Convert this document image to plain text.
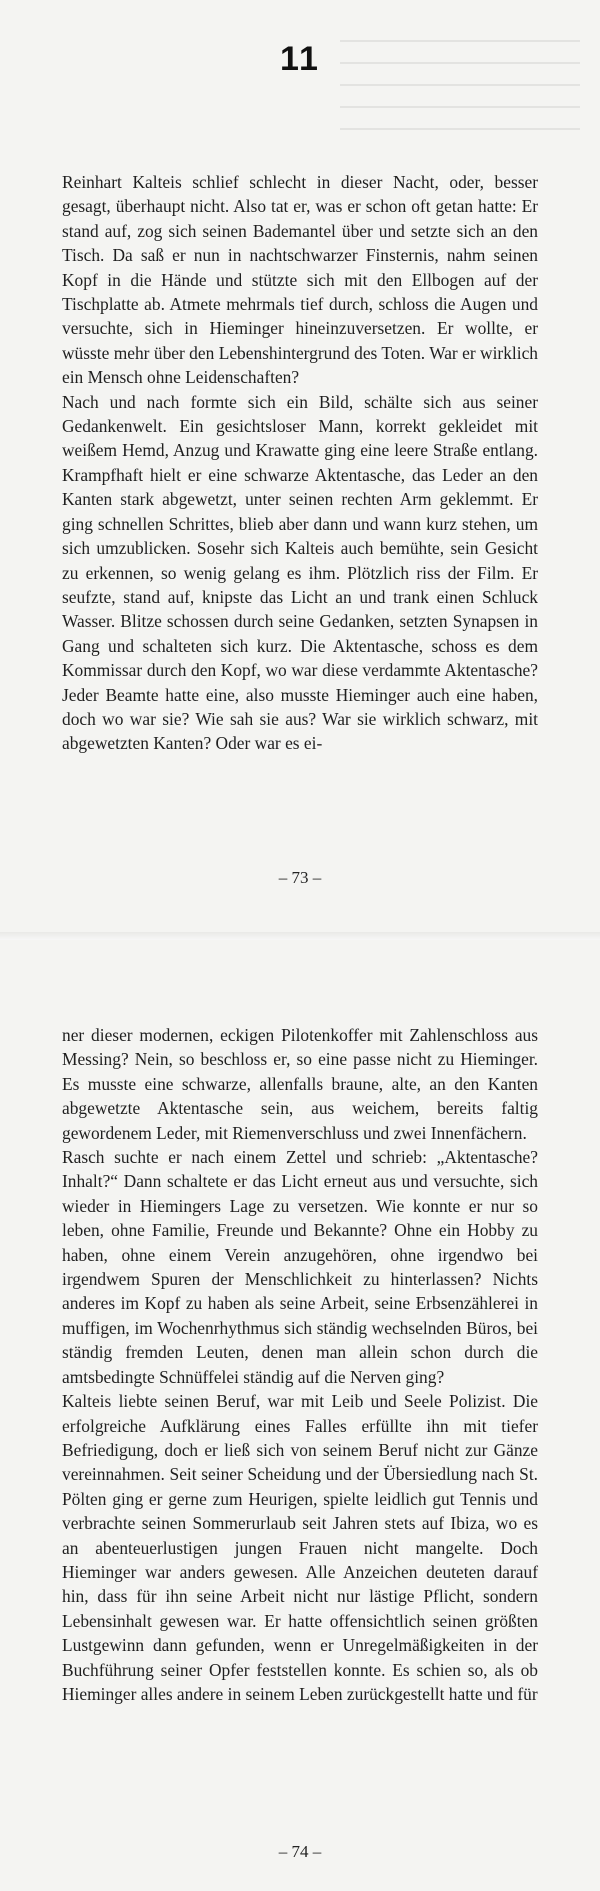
11

Reinhart Kalteis schlief schlecht in dieser Nacht, oder, besser gesagt, überhaupt nicht. Also tat er, was er schon oft getan hatte: Er stand auf, zog sich seinen Bademantel über und setzte sich an den Tisch. Da saß er nun in nachtschwarzer Finsternis, nahm seinen Kopf in die Hände und stützte sich mit den Ellbogen auf der Tischplatte ab. Atmete mehrmals tief durch, schloss die Augen und versuchte, sich in Hieminger hineinzuversetzen. Er wollte, er wüsste mehr über den Lebenshintergrund des Toten. War er wirklich ein Mensch ohne Leidenschaften?

Nach und nach formte sich ein Bild, schälte sich aus seiner Gedankenwelt. Ein gesichtsloser Mann, korrekt gekleidet mit weißem Hemd, Anzug und Krawatte ging eine leere Straße entlang. Krampfhaft hielt er eine schwarze Aktentasche, das Leder an den Kanten stark abgewetzt, unter seinen rechten Arm geklemmt. Er ging schnellen Schrittes, blieb aber dann und wann kurz stehen, um sich umzublicken. Sosehr sich Kalteis auch bemühte, sein Gesicht zu erkennen, so wenig gelang es ihm. Plötzlich riss der Film. Er seufzte, stand auf, knipste das Licht an und trank einen Schluck Wasser. Blitze schossen durch seine Gedanken, setzten Synapsen in Gang und schalteten sich kurz. Die Aktentasche, schoss es dem Kommissar durch den Kopf, wo war diese verdammte Aktentasche? Jeder Beamte hatte eine, also musste Hieminger auch eine haben, doch wo war sie? Wie sah sie aus? War sie wirklich schwarz, mit abgewetzten Kanten? Oder war es ei-

– 73 –

ner dieser modernen, eckigen Pilotenkoffer mit Zahlenschloss aus Messing? Nein, so beschloss er, so eine passe nicht zu Hieminger. Es musste eine schwarze, allenfalls braune, alte, an den Kanten abgewetzte Aktentasche sein, aus weichem, bereits faltig gewordenem Leder, mit Riemenverschluss und zwei Innenfächern.

Rasch suchte er nach einem Zettel und schrieb: „Aktentasche? Inhalt?“ Dann schaltete er das Licht erneut aus und versuchte, sich wieder in Hiemingers Lage zu versetzen. Wie konnte er nur so leben, ohne Familie, Freunde und Bekannte? Ohne ein Hobby zu haben, ohne einem Verein anzugehören, ohne irgendwo bei irgendwem Spuren der Menschlichkeit zu hinterlassen? Nichts anderes im Kopf zu haben als seine Arbeit, seine Erbsenzählerei in muffigen, im Wochenrhythmus sich ständig wechselnden Büros, bei ständig fremden Leuten, denen man allein schon durch die amtsbedingte Schnüffelei ständig auf die Nerven ging?

Kalteis liebte seinen Beruf, war mit Leib und Seele Polizist. Die erfolgreiche Aufklärung eines Falles erfüllte ihn mit tiefer Befriedigung, doch er ließ sich von seinem Beruf nicht zur Gänze vereinnahmen. Seit seiner Scheidung und der Übersiedlung nach St. Pölten ging er gerne zum Heurigen, spielte leidlich gut Tennis und verbrachte seinen Sommerurlaub seit Jahren stets auf Ibiza, wo es an abenteuerlustigen jungen Frauen nicht mangelte. Doch Hieminger war anders gewesen. Alle Anzeichen deuteten darauf hin, dass für ihn seine Arbeit nicht nur lästige Pflicht, sondern Lebensinhalt gewesen war. Er hatte offensichtlich seinen größten Lustgewinn dann gefunden, wenn er Unregelmäßigkeiten in der Buchführung seiner Opfer feststellen konnte. Es schien so, als ob Hieminger alles andere in seinem Leben zurückgestellt hatte und für

– 74 –
